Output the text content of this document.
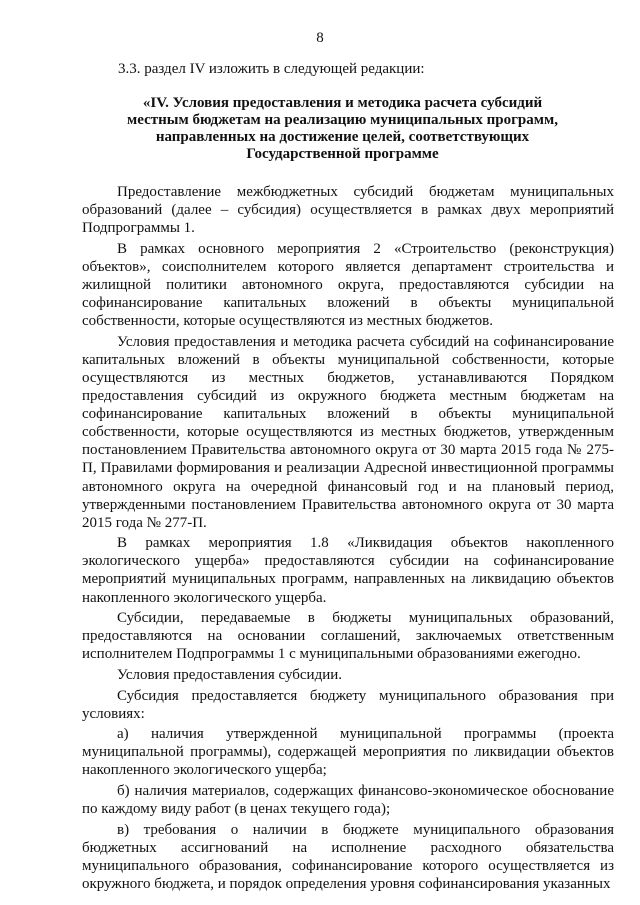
8
3.3. раздел IV изложить в следующей редакции:
«IV. Условия предоставления и методика расчета субсидий
местным бюджетам на реализацию муниципальных программ,
направленных на достижение целей, соответствующих
Государственной программе

Предоставление межбюджетных субсидий бюджетам муниципальных образований (далее – субсидия) осуществляется в рамках двух мероприятий Подпрограммы 1.

В рамках основного мероприятия 2 «Строительство (реконструкция) объектов», соисполнителем которого является департамент строительства и жилищной политики автономного округа, предоставляются субсидии на софинансирование капитальных вложений в объекты муниципальной собственности, которые осуществляются из местных бюджетов.

Условия предоставления и методика расчета субсидий на софинансирование капитальных вложений в объекты муниципальной собственности, которые осуществляются из местных бюджетов, устанавливаются Порядком предоставления субсидий из окружного бюджета местным бюджетам на софинансирование капитальных вложений в объекты муниципальной собственности, которые осуществляются из местных бюджетов, утвержденным постановлением Правительства автономного округа от 30 марта 2015 года № 275-П, Правилами формирования и реализации Адресной инвестиционной программы автономного округа на очередной финансовый год и на плановый период, утвержденными постановлением Правительства автономного округа от 30 марта 2015 года № 277-П.

В рамках мероприятия 1.8 «Ликвидация объектов накопленного экологического ущерба» предоставляются субсидии на софинансирование мероприятий муниципальных программ, направленных на ликвидацию объектов накопленного экологического ущерба.

Субсидии, передаваемые в бюджеты муниципальных образований, предоставляются на основании соглашений, заключаемых ответственным исполнителем Подпрограммы 1 с муниципальными образованиями ежегодно.

Условия предоставления субсидии.

Субсидия предоставляется бюджету муниципального образования при условиях:

а) наличия утвержденной муниципальной программы (проекта муниципальной программы), содержащей мероприятия по ликвидации объектов накопленного экологического ущерба;

б) наличия материалов, содержащих финансово-экономическое обоснование по каждому виду работ (в ценах текущего года);

в) требования о наличии в бюджете муниципального образования бюджетных ассигнований на исполнение расходного обязательства муниципального образования, софинансирование которого осуществляется из окружного бюджета, и порядок определения уровня софинансирования указанных
